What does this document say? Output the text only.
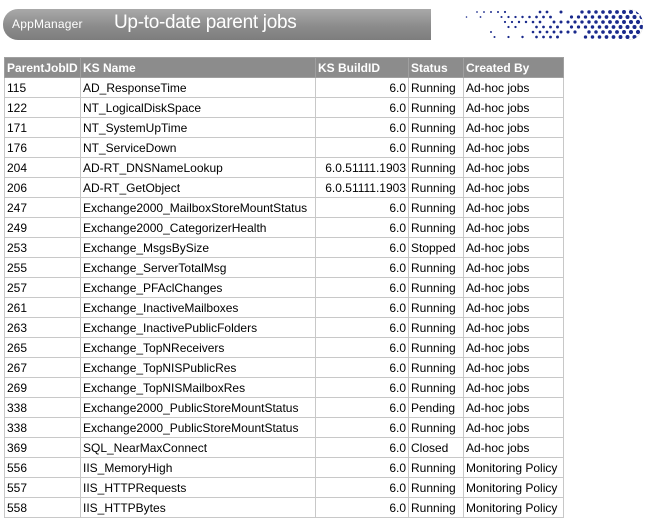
AppManager Up-to-date parent jobs
ParentJobID	KS Name	KS BuildID	Status	Created By
115	AD_ResponseTime	6.0	Running	Ad-hoc jobs
122	NT_LogicalDiskSpace	6.0	Running	Ad-hoc jobs
171	NT_SystemUpTime	6.0	Running	Ad-hoc jobs
176	NT_ServiceDown	6.0	Running	Ad-hoc jobs
204	AD-RT_DNSNameLookup	6.0.51111.1903	Running	Ad-hoc jobs
206	AD-RT_GetObject	6.0.51111.1903	Running	Ad-hoc jobs
247	Exchange2000_MailboxStoreMountStatus	6.0	Running	Ad-hoc jobs
249	Exchange2000_CategorizerHealth	6.0	Running	Ad-hoc jobs
253	Exchange_MsgsBySize	6.0	Stopped	Ad-hoc jobs
255	Exchange_ServerTotalMsg	6.0	Running	Ad-hoc jobs
257	Exchange_PFAclChanges	6.0	Running	Ad-hoc jobs
261	Exchange_InactiveMailboxes	6.0	Running	Ad-hoc jobs
263	Exchange_InactivePublicFolders	6.0	Running	Ad-hoc jobs
265	Exchange_TopNReceivers	6.0	Running	Ad-hoc jobs
267	Exchange_TopNISPublicRes	6.0	Running	Ad-hoc jobs
269	Exchange_TopNISMailboxRes	6.0	Running	Ad-hoc jobs
338	Exchange2000_PublicStoreMountStatus	6.0	Pending	Ad-hoc jobs
338	Exchange2000_PublicStoreMountStatus	6.0	Running	Ad-hoc jobs
369	SQL_NearMaxConnect	6.0	Closed	Ad-hoc jobs
556	IIS_MemoryHigh	6.0	Running	Monitoring Policy
557	IIS_HTTPRequests	6.0	Running	Monitoring Policy
558	IIS_HTTPBytes	6.0	Running	Monitoring Policy
